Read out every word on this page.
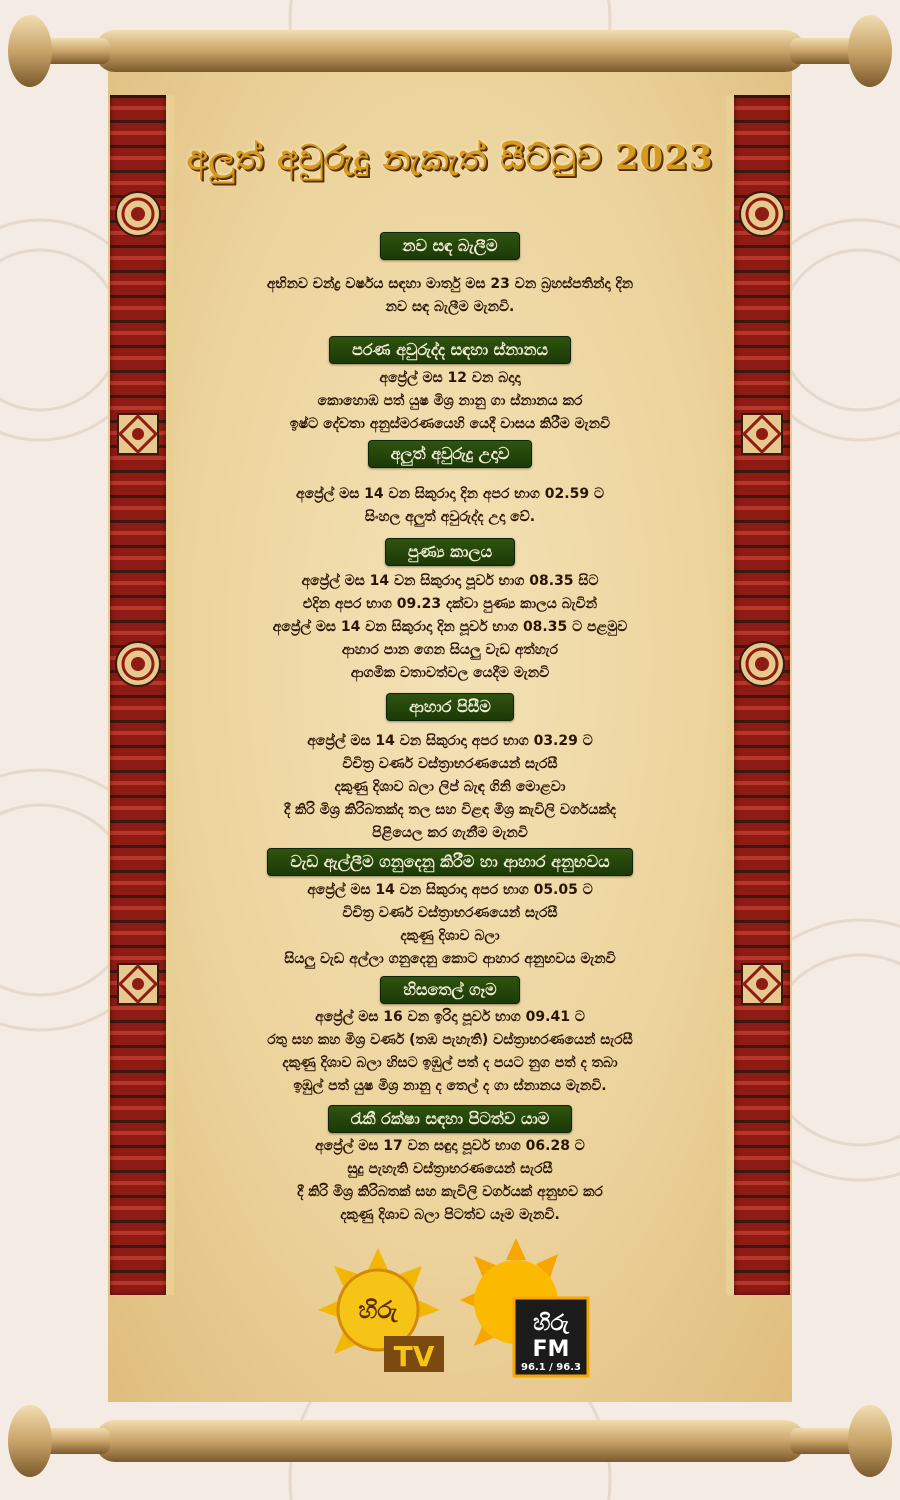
අලුත් අවුරුදු නැකැත් සීට්ටුව 2023
නව සඳ බැලීම
අභිනව චන්ද්‍ර වර්ෂය සඳහා මාර්තු මස 23 වන බ්‍රහස්පතින්දා දින
නව සඳ බැලීම මැනවි.
පරණ අවුරුද්ද සඳහා ස්නානය
අප්‍රේල් මස 12 වන බදාදා
කොහොඹ පත් යුෂ මිශ්‍ර නානු ගා ස්නානය කර
ඉෂ්ට දේවතා අනුස්මරණයෙහි යෙදී වාසය කිරීම මැනවි
අලුත් අවුරුදු උදාව
අප්‍රේල් මස 14 වන සිකුරාදා දින අපර භාග 02.59 ට
සිංහල අලුත් අවුරුද්ද උදා වේ.
පුණ්‍ය කාලය
අප්‍රේල් මස 14 වන සිකුරාදා පූර්ව භාග 08.35 සිට
එදින අපර භාග 09.23 දක්වා පුණ්‍ය කාලය බැවින්
අප්‍රේල් මස 14 වන සිකුරාදා දින පූර්ව භාග 08.35 ට පළමුව
ආහාර පාන ගෙන සියලු වැඩ අත්හැර
ආගමික වතාවත්වල යෙදීම මැනවි
ආහාර පිසීම
අප්‍රේල් මස 14 වන සිකුරාදා අපර භාග 03.29 ට
විචිත්‍ර වර්ණ වස්ත්‍රාභරණයෙන් සැරසී
දකුණු දිශාව බලා ලිප් බැඳ ගිනි මොළවා
දී කිරි මිශ්‍ර කිරිබතක්ද තල සහ විළඳ මිශ්‍ර කැවිලි වර්ගයක්ද
පිළියෙල කර ගැනීම මැනවි
වැඩ ඇල්ලීම ගනුදෙනු කිරීම හා ආහාර අනුභවය
අප්‍රේල් මස 14 වන සිකුරාදා අපර භාග 05.05 ට
විචිත්‍ර වර්ණ වස්ත්‍රාභරණයෙන් සැරසී
දකුණු දිශාව බලා
සියලු වැඩ අල්ලා ගනුදෙනු කොට ආහාර අනුභවය මැනවි
හිසතෙල් ගෑම
අප්‍රේල් මස 16 වන ඉරිදා පූර්ව භාග 09.41 ට
රතු සහ කහ මිශ්‍ර වර්ණ (තඹ පැහැති) වස්ත්‍රාභරණයෙන් සැරසී
දකුණු දිශාව බලා හිසට ඉඹුල් පත් ද පයට නුග පත් ද තබා
ඉඹුල් පත් යුෂ මිශ්‍ර නානු ද තෙල් ද ගා ස්නානය මැනවි.
රැකී රක්ෂා සඳහා පිටත්ව යාම
අප්‍රේල් මස 17 වන සඳුදා පූර්ව භාග 06.28 ට
සුදු පැහැති වස්ත්‍රාභරණයෙන් සැරසී
දී කිරි මිශ්‍ර කිරිබතක් සහ කැවිලි වර්ගයක් අනුභව කර
දකුණු දිශාව බලා පිටත්ව යෑම මැනවි.
හිරු
TV
හිරු
FM
96.1 / 96.3
